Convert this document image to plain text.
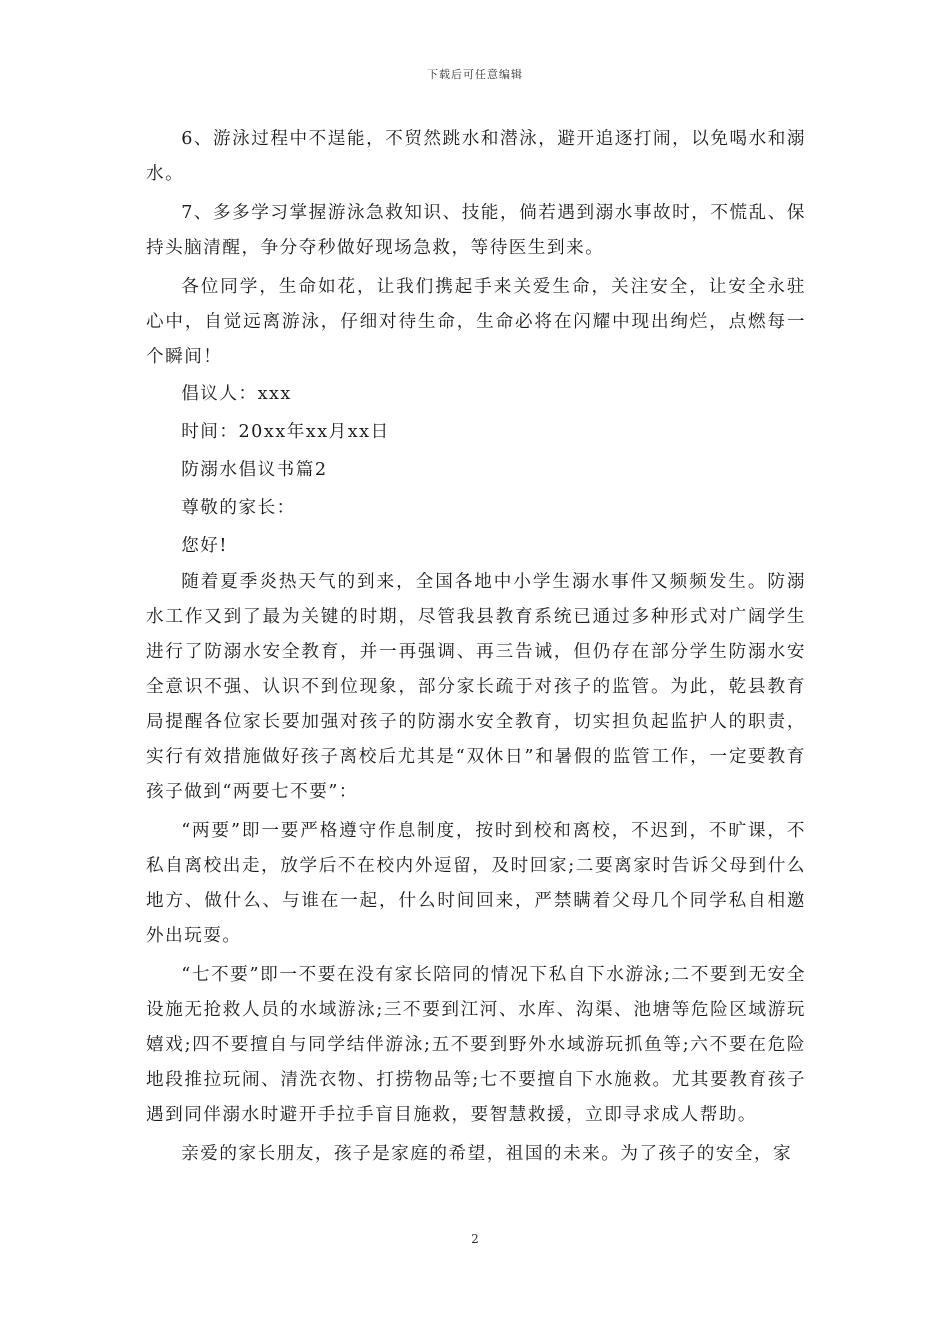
下载后可任意编辑

6、游泳过程中不逞能，不贸然跳水和潜泳，避开追逐打闹，以免喝水和溺水。

7、多多学习掌握游泳急救知识、技能，倘若遇到溺水事故时，不慌乱、保持头脑清醒，争分夺秒做好现场急救，等待医生到来。

各位同学，生命如花，让我们携起手来关爱生命，关注安全，让安全永驻心中，自觉远离游泳，仔细对待生命，生命必将在闪耀中现出绚烂，点燃每一个瞬间！

倡议人：xxx

时间：20xx年xx月xx日

防溺水倡议书篇2

尊敬的家长：

您好!

随着夏季炎热天气的到来，全国各地中小学生溺水事件又频频发生。防溺水工作又到了最为关键的时期，尽管我县教育系统已通过多种形式对广阔学生进行了防溺水安全教育，并一再强调、再三告诫，但仍存在部分学生防溺水安全意识不强、认识不到位现象，部分家长疏于对孩子的监管。为此，乾县教育局提醒各位家长要加强对孩子的防溺水安全教育，切实担负起监护人的职责，实行有效措施做好孩子离校后尤其是“双休日”和暑假的监管工作，一定要教育孩子做到“两要七不要”：

“两要”即一要严格遵守作息制度，按时到校和离校，不迟到，不旷课，不私自离校出走，放学后不在校内外逗留，及时回家;二要离家时告诉父母到什么地方、做什么、与谁在一起，什么时间回来，严禁瞒着父母几个同学私自相邀外出玩耍。

“七不要”即一不要在没有家长陪同的情况下私自下水游泳;二不要到无安全设施无抢救人员的水域游泳;三不要到江河、水库、沟渠、池塘等危险区域游玩嬉戏;四不要擅自与同学结伴游泳;五不要到野外水域游玩抓鱼等;六不要在危险地段推拉玩闹、清洗衣物、打捞物品等;七不要擅自下水施救。尤其要教育孩子遇到同伴溺水时避开手拉手盲目施救，要智慧救援，立即寻求成人帮助。

亲爱的家长朋友，孩子是家庭的希望，祖国的未来。为了孩子的安全，家

2
